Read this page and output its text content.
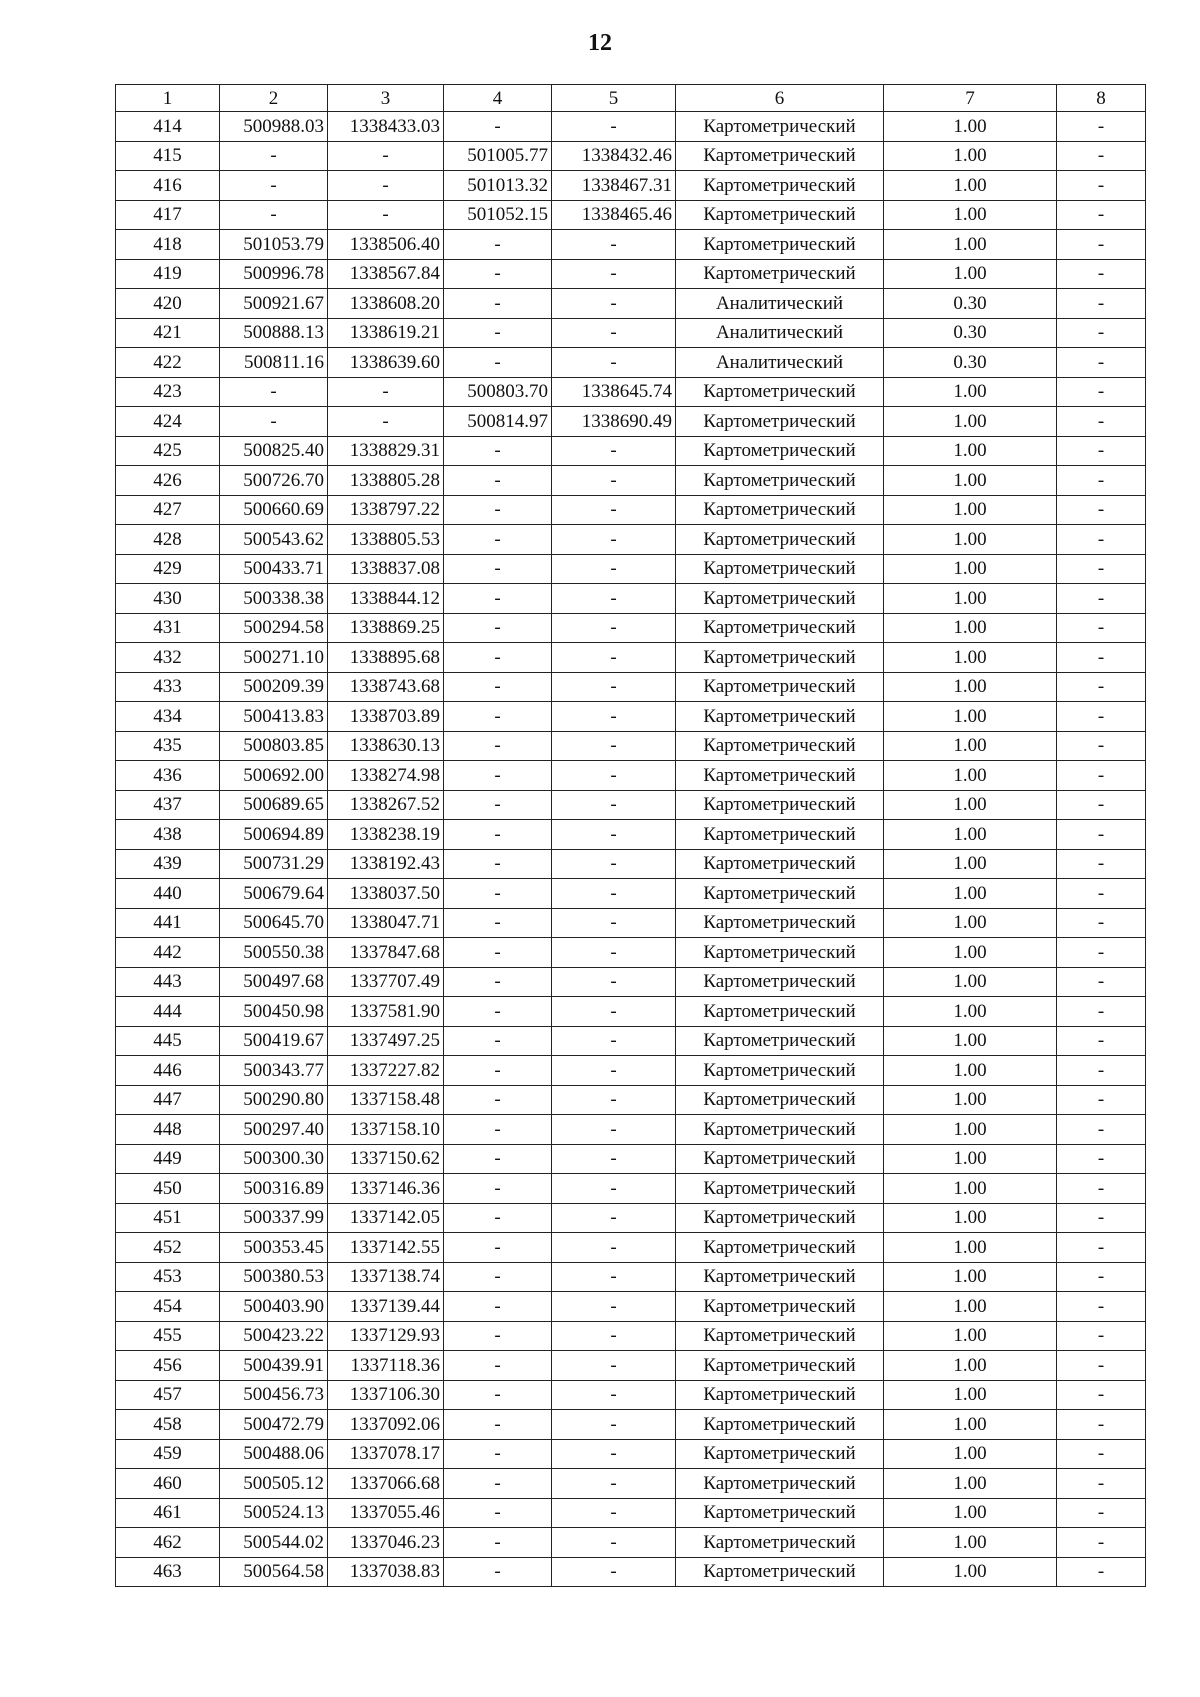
12
1	2	3	4	5	6	7	8
414	500988.03	1338433.03	-	-	Картометрический	1.00	-
415	-	-	501005.77	1338432.46	Картометрический	1.00	-
416	-	-	501013.32	1338467.31	Картометрический	1.00	-
417	-	-	501052.15	1338465.46	Картометрический	1.00	-
418	501053.79	1338506.40	-	-	Картометрический	1.00	-
419	500996.78	1338567.84	-	-	Картометрический	1.00	-
420	500921.67	1338608.20	-	-	Аналитический	0.30	-
421	500888.13	1338619.21	-	-	Аналитический	0.30	-
422	500811.16	1338639.60	-	-	Аналитический	0.30	-
423	-	-	500803.70	1338645.74	Картометрический	1.00	-
424	-	-	500814.97	1338690.49	Картометрический	1.00	-
425	500825.40	1338829.31	-	-	Картометрический	1.00	-
426	500726.70	1338805.28	-	-	Картометрический	1.00	-
427	500660.69	1338797.22	-	-	Картометрический	1.00	-
428	500543.62	1338805.53	-	-	Картометрический	1.00	-
429	500433.71	1338837.08	-	-	Картометрический	1.00	-
430	500338.38	1338844.12	-	-	Картометрический	1.00	-
431	500294.58	1338869.25	-	-	Картометрический	1.00	-
432	500271.10	1338895.68	-	-	Картометрический	1.00	-
433	500209.39	1338743.68	-	-	Картометрический	1.00	-
434	500413.83	1338703.89	-	-	Картометрический	1.00	-
435	500803.85	1338630.13	-	-	Картометрический	1.00	-
436	500692.00	1338274.98	-	-	Картометрический	1.00	-
437	500689.65	1338267.52	-	-	Картометрический	1.00	-
438	500694.89	1338238.19	-	-	Картометрический	1.00	-
439	500731.29	1338192.43	-	-	Картометрический	1.00	-
440	500679.64	1338037.50	-	-	Картометрический	1.00	-
441	500645.70	1338047.71	-	-	Картометрический	1.00	-
442	500550.38	1337847.68	-	-	Картометрический	1.00	-
443	500497.68	1337707.49	-	-	Картометрический	1.00	-
444	500450.98	1337581.90	-	-	Картометрический	1.00	-
445	500419.67	1337497.25	-	-	Картометрический	1.00	-
446	500343.77	1337227.82	-	-	Картометрический	1.00	-
447	500290.80	1337158.48	-	-	Картометрический	1.00	-
448	500297.40	1337158.10	-	-	Картометрический	1.00	-
449	500300.30	1337150.62	-	-	Картометрический	1.00	-
450	500316.89	1337146.36	-	-	Картометрический	1.00	-
451	500337.99	1337142.05	-	-	Картометрический	1.00	-
452	500353.45	1337142.55	-	-	Картометрический	1.00	-
453	500380.53	1337138.74	-	-	Картометрический	1.00	-
454	500403.90	1337139.44	-	-	Картометрический	1.00	-
455	500423.22	1337129.93	-	-	Картометрический	1.00	-
456	500439.91	1337118.36	-	-	Картометрический	1.00	-
457	500456.73	1337106.30	-	-	Картометрический	1.00	-
458	500472.79	1337092.06	-	-	Картометрический	1.00	-
459	500488.06	1337078.17	-	-	Картометрический	1.00	-
460	500505.12	1337066.68	-	-	Картометрический	1.00	-
461	500524.13	1337055.46	-	-	Картометрический	1.00	-
462	500544.02	1337046.23	-	-	Картометрический	1.00	-
463	500564.58	1337038.83	-	-	Картометрический	1.00	-
